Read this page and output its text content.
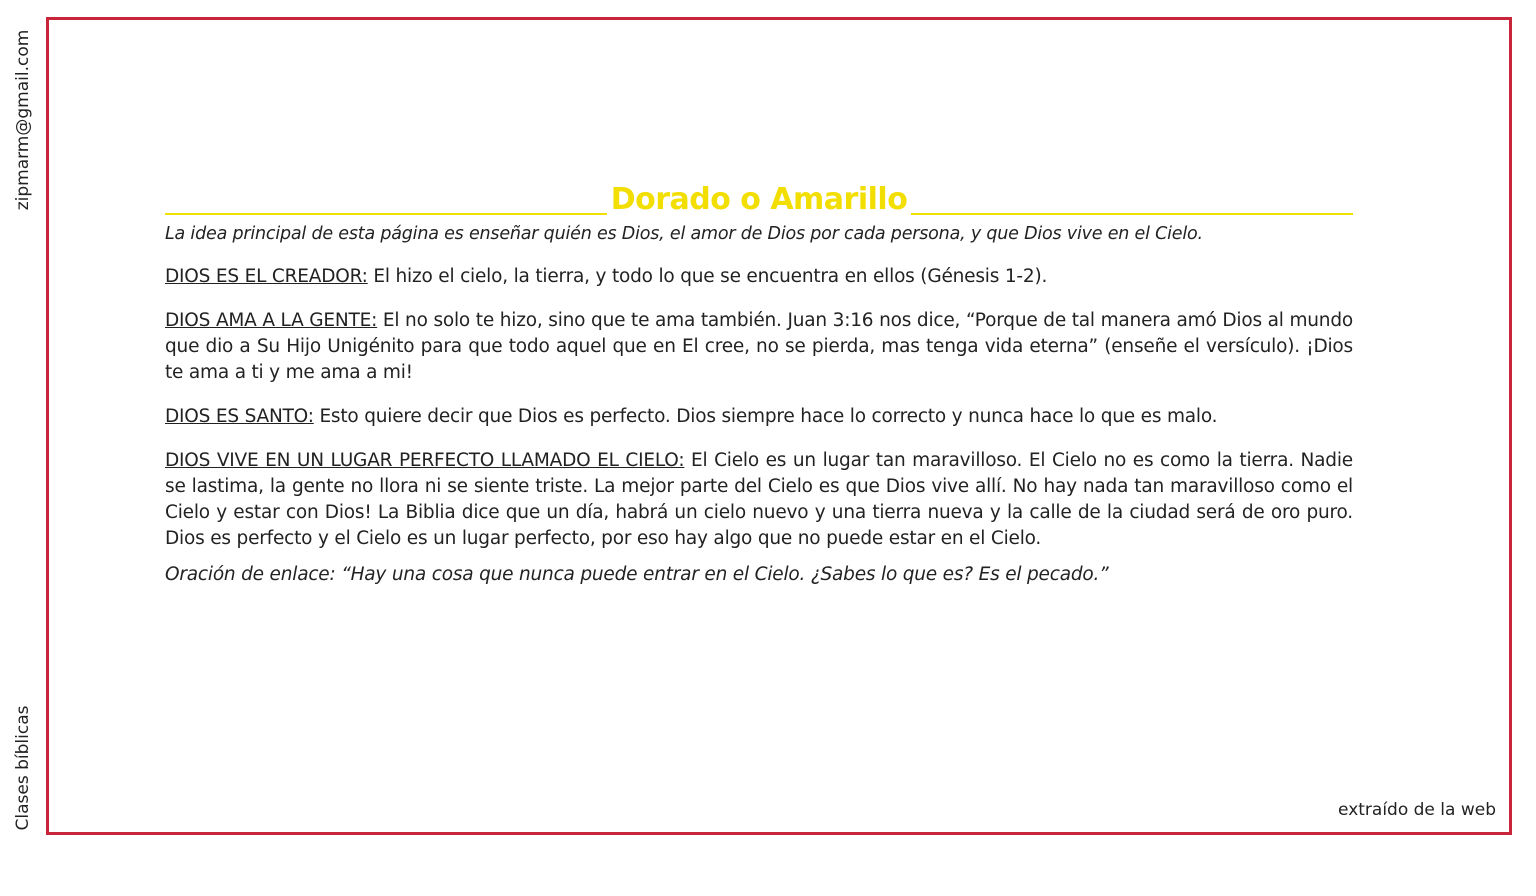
zipmarm@gmail.com
Clases bíblicas
Dorado o Amarillo
La idea principal de esta página es enseñar quién es Dios, el amor de Dios por cada persona, y que Dios vive en el Cielo.
DIOS ES EL CREADOR: El hizo el cielo, la tierra, y todo lo que se encuentra en ellos (Génesis 1-2).
DIOS AMA A LA GENTE: El no solo te hizo, sino que te ama también. Juan 3:16 nos dice, “Porque de tal manera amó Dios al mundo que dio a Su Hijo Unigénito para que todo aquel que en El cree, no se pierda, mas tenga vida eterna” (enseñe el versículo). ¡Dios te ama a ti y me ama a mi!
DIOS ES SANTO: Esto quiere decir que Dios es perfecto. Dios siempre hace lo correcto y nunca hace lo que es malo.
DIOS VIVE EN UN LUGAR PERFECTO LLAMADO EL CIELO: El Cielo es un lugar tan maravilloso. El Cielo no es como la tierra. Nadie se lastima, la gente no llora ni se siente triste. La mejor parte del Cielo es que Dios vive allí. No hay nada tan maravilloso como el Cielo y estar con Dios! La Biblia dice que un día, habrá un cielo nuevo y una tierra nueva y la calle de la ciudad será de oro puro. Dios es perfecto y el Cielo es un lugar perfecto, por eso hay algo que no puede estar en el Cielo.
Oración de enlace: “Hay una cosa que nunca puede entrar en el Cielo. ¿Sabes lo que es? Es el pecado.”
extraído de la web
